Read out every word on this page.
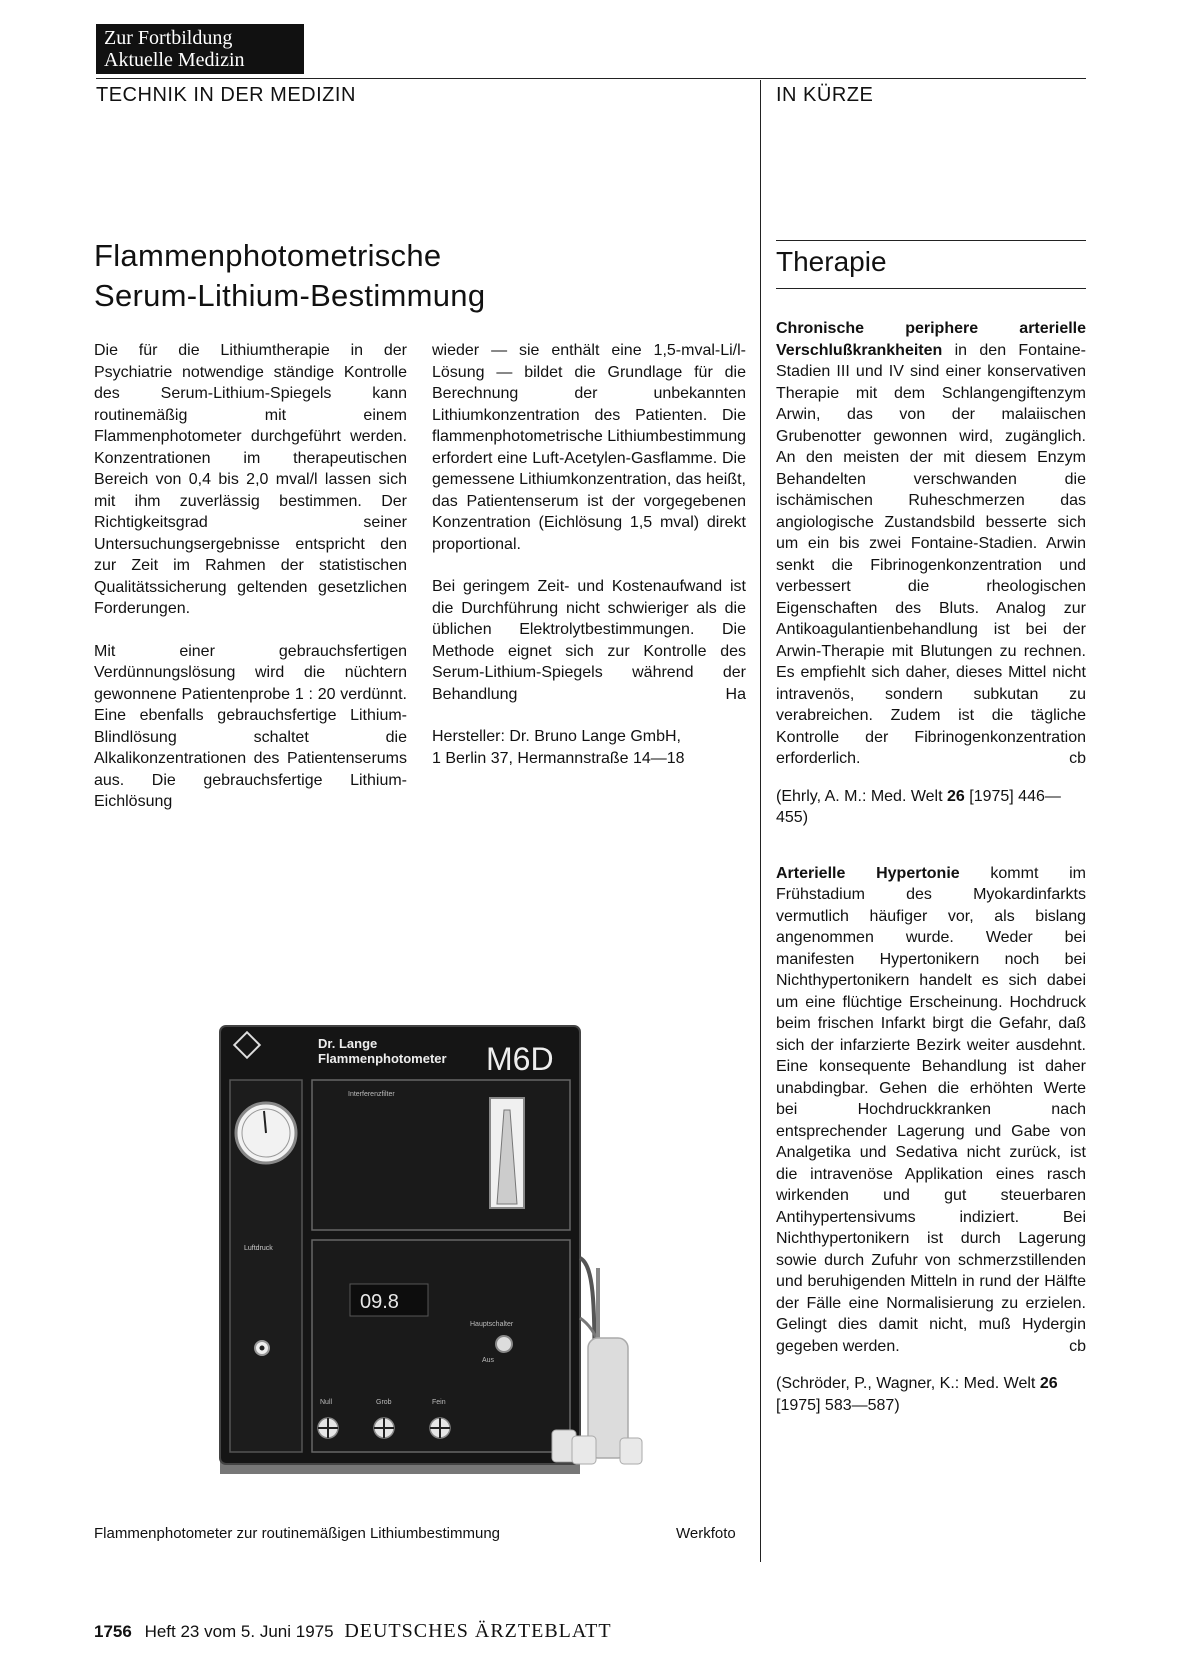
Zur Fortbildung
Aktuelle Medizin
TECHNIK IN DER MEDIZIN	IN KÜRZE
Flammenphotometrische
Serum-Lithium-Bestimmung

Die für die Lithiumtherapie in der Psychiatrie notwendige ständige Kontrolle des Serum-Lithium-Spiegels kann routinemäßig mit einem Flammenphotometer durchgeführt werden. Konzentrationen im therapeutischen Bereich von 0,4 bis 2,0 mval/l lassen sich mit ihm zuverlässig bestimmen. Der Richtigkeitsgrad seiner Untersuchungsergebnisse entspricht den zur Zeit im Rahmen der statistischen Qualitätssicherung geltenden gesetzlichen Forderungen.

Mit einer gebrauchsfertigen Verdünnungslösung wird die nüchtern gewonnene Patientenprobe 1 : 20 verdünnt. Eine ebenfalls gebrauchsfertige Lithium-Blindlösung schaltet die Alkalikonzentrationen des Patientenserums aus. Die gebrauchsfertige Lithium-Eichlösung

wieder — sie enthält eine 1,5-mval-Li/l-Lösung — bildet die Grundlage für die Berechnung der unbekannten Lithiumkonzentration des Patienten. Die flammenphotometrische Lithiumbestimmung erfordert eine Luft-Acetylen-Gasflamme. Die gemessene Lithiumkonzentration, das heißt, das Patientenserum ist der vorgegebenen Konzentration (Eichlösung 1,5 mval) direkt proportional.

Bei geringem Zeit- und Kostenaufwand ist die Durchführung nicht schwieriger als die üblichen Elektrolytbestimmungen. Die Methode eignet sich zur Kontrolle des Serum-Lithium-Spiegels während der Behandlung	Ha

Hersteller: Dr. Bruno Lange GmbH,
1 Berlin 37, Hermannstraße 14—18

Dr. Lange
Flammenphotometer M6D
Luftdruck
Interferenzfilter
09.8
Hauptschalter
Aus
Null	Grob	Fein
Flammenphotometer zur routinemäßigen Lithiumbestimmung	Werkfoto
Therapie

Chronische periphere arterielle Verschlußkrankheiten in den Fontaine-Stadien III und IV sind einer konservativen Therapie mit dem Schlangengiftenzym Arwin, das von der malaiischen Grubenotter gewonnen wird, zugänglich. An den meisten der mit diesem Enzym Behandelten verschwanden die ischämischen Ruheschmerzen das angiologische Zustandsbild besserte sich um ein bis zwei Fontaine-Stadien. Arwin senkt die Fibrinogenkonzentration und verbessert die rheologischen Eigenschaften des Bluts. Analog zur Antikoagulantienbehandlung ist bei der Arwin-Therapie mit Blutungen zu rechnen. Es empfiehlt sich daher, dieses Mittel nicht intravenös, sondern subkutan zu verabreichen. Zudem ist die tägliche Kontrolle der Fibrinogenkonzentration erforderlich.	cb

(Ehrly, A. M.: Med. Welt 26 [1975] 446—455)

Arterielle Hypertonie kommt im Frühstadium des Myokardinfarkts vermutlich häufiger vor, als bislang angenommen wurde. Weder bei manifesten Hypertonikern noch bei Nichthypertonikern handelt es sich dabei um eine flüchtige Erscheinung. Hochdruck beim frischen Infarkt birgt die Gefahr, daß sich der infarzierte Bezirk weiter ausdehnt. Eine konsequente Behandlung ist daher unabdingbar. Gehen die erhöhten Werte bei Hochdruckkranken nach entsprechender Lagerung und Gabe von Analgetika und Sedativa nicht zurück, ist die intravenöse Applikation eines rasch wirkenden und gut steuerbaren Antihypertensivums indiziert. Bei Nichthypertonikern ist durch Lagerung sowie durch Zufuhr von schmerzstillenden und beruhigenden Mitteln in rund der Hälfte der Fälle eine Normalisierung zu erzielen. Gelingt dies damit nicht, muß Hydergin gegeben werden.	cb

(Schröder, P., Wagner, K.: Med. Welt 26 [1975] 583—587)

1756 Heft 23 vom 5. Juni 1975 DEUTSCHES ÄRZTEBLATT
